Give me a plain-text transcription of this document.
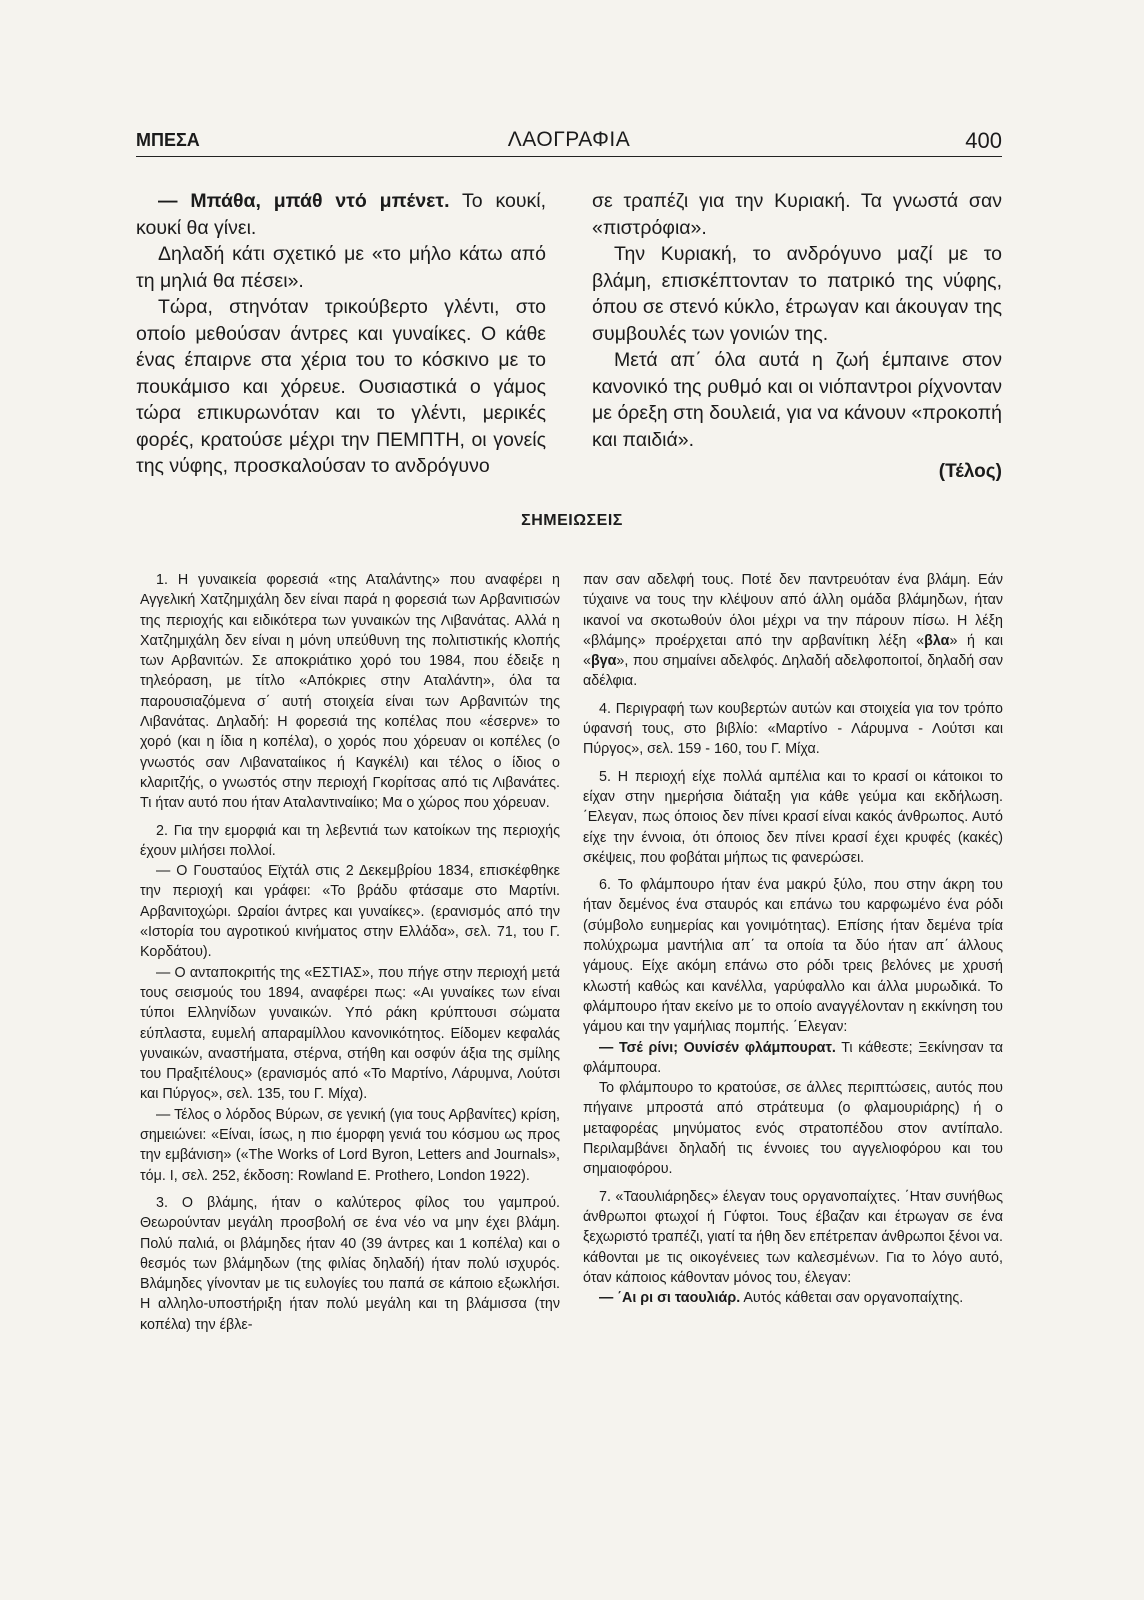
ΜΠΕΣΑ	ΛΑΟΓΡΑΦΙΑ	400

— Μπάθα, μπάθ ντό μπένετ. Το κουκί, κουκί θα γίνει.

Δηλαδή κάτι σχετικό με «το μήλο κάτω από τη μηλιά θα πέσει».

Τώρα, στηνόταν τρικούβερτο γλέντι, στο οποίο μεθούσαν άντρες και γυναίκες. Ο κάθε ένας έπαιρνε στα χέρια του το κόσκινο με το πουκάμισο και χόρευε. Ουσιαστικά ο γάμος τώρα επικυρωνόταν και το γλέντι, μερικές φορές, κρατούσε μέχρι την ΠΕΜΠΤΗ, οι γονείς της νύφης, προσκαλούσαν το ανδρόγυνο

σε τραπέζι για την Κυριακή. Τα γνωστά σαν «πιστρόφια».

Την Κυριακή, το ανδρόγυνο μαζί με το βλάμη, επισκέπτονταν το πατρικό της νύφης, όπου σε στενό κύκλο, έτρωγαν και άκουγαν της συμβουλές των γονιών της.

Μετά απ΄ όλα αυτά η ζωή έμπαινε στον κανονικό της ρυθμό και οι νιόπαντροι ρίχνονταν με όρεξη στη δουλειά, για να κάνουν «προκοπή και παιδιά».

(Τέλος)
ΣΗΜΕΙΩΣΕΙΣ

1. Η γυναικεία φορεσιά «της Αταλάντης» που αναφέρει η Αγγελική Χατζημιχάλη δεν είναι παρά η φορεσιά των Αρβανιτισών της περιοχής και ειδικότερα των γυναικών της Λιβανάτας. Αλλά η Χατζημιχάλη δεν είναι η μόνη υπεύθυνη της πολιτιστικής κλοπής των Αρβανιτών. Σε αποκριάτικο χορό του 1984, που έδειξε η τηλεόραση, με τίτλο «Απόκριες στην Αταλάντη», όλα τα παρουσιαζόμενα σ΄ αυτή στοιχεία είναι των Αρβανιτών της Λιβανάτας. Δηλαδή: Η φορεσιά της κοπέλας που «έσερνε» το χορό (και η ίδια η κοπέλα), ο χορός που χόρευαν οι κοπέλες (ο γνωστός σαν Λιβαναταίικος ή Καγκέλι) και τέλος ο ίδιος ο κλαριτζής, ο γνωστός στην περιοχή Γκορίτσας από τις Λιβανάτες. Τι ήταν αυτό που ήταν Αταλαντιναίικο; Μα ο χώρος που χόρευαν.

2. Για την εμορφιά και τη λεβεντιά των κατοίκων της περιοχής έχουν μιλήσει πολλοί.

— Ο Γουσταύος Εϊχτάλ στις 2 Δεκεμβρίου 1834, επισκέφθηκε την περιοχή και γράφει: «Το βράδυ φτάσαμε στο Μαρτίνι. Αρβανιτοχώρι. Ωραίοι άντρες και γυναίκες». (ερανισμός από την «Ιστορία του αγροτικού κινήματος στην Ελλάδα», σελ. 71, του Γ. Κορδάτου).

— Ο ανταποκριτής της «ΕΣΤΙΑΣ», που πήγε στην περιοχή μετά τους σεισμούς του 1894, αναφέρει πως: «Αι γυναίκες των είναι τύποι Ελληνίδων γυναικών. Υπό ράκη κρύπτουσι σώματα εύπλαστα, ευμελή απαραμίλλου κανονικότητος. Είδομεν κεφαλάς γυναικών, αναστήματα, στέρνα, στήθη και οσφύν άξια της σμίλης του Πραξιτέλους» (ερανισμός από «Το Μαρτίνο, Λάρυμνα, Λούτσι και Πύργος», σελ. 135, του Γ. Μίχα).

— Τέλος ο λόρδος Βύρων, σε γενική (για τους Αρβανίτες) κρίση, σημειώνει: «Είναι, ίσως, η πιο έμορφη γενιά του κόσμου ως προς την εμβάνιση» («The Works of Lord Byron, Letters and Journals», τόμ. I, σελ. 252, έκδοση: Rowland E. Prothero, London 1922).

3. Ο βλάμης, ήταν ο καλύτερος φίλος του γαμπρού. Θεωρούνταν μεγάλη προσβολή σε ένα νέο να μην έχει βλάμη. Πολύ παλιά, οι βλάμηδες ήταν 40 (39 άντρες και 1 κοπέλα) και ο θεσμός των βλάμηδων (της φιλίας δηλαδή) ήταν πολύ ισχυρός. Βλάμηδες γίνονταν με τις ευλογίες του παπά σε κάποιο εξωκλήσι. Η αλληλο-υποστήριξη ήταν πολύ μεγάλη και τη βλάμισσα (την κοπέλα) την έβλε-

παν σαν αδελφή τους. Ποτέ δεν παντρευόταν ένα βλάμη. Εάν τύχαινε να τους την κλέψουν από άλλη ομάδα βλάμηδων, ήταν ικανοί να σκοτωθούν όλοι μέχρι να την πάρουν πίσω. Η λέξη «βλάμης» προέρχεται από την αρβανίτικη λέξη «βλα» ή και «βγα», που σημαίνει αδελφός. Δηλαδή αδελφοποιτοί, δηλαδή σαν αδέλφια.

4. Περιγραφή των κουβερτών αυτών και στοιχεία για τον τρόπο ύφανσή τους, στο βιβλίο: «Μαρτίνο - Λάρυμνα - Λούτσι και Πύργος», σελ. 159 - 160, του Γ. Μίχα.

5. Η περιοχή είχε πολλά αμπέλια και το κρασί οι κάτοικοι το είχαν στην ημερήσια διάταξη για κάθε γεύμα και εκδήλωση. ΄Ελεγαν, πως όποιος δεν πίνει κρασί είναι κακός άνθρωπος. Αυτό είχε την έννοια, ότι όποιος δεν πίνει κρασί έχει κρυφές (κακές) σκέψεις, που φοβάται μήπως τις φανερώσει.

6. Το φλάμπουρο ήταν ένα μακρύ ξύλο, που στην άκρη του ήταν δεμένος ένα σταυρός και επάνω του καρφωμένο ένα ρόδι (σύμβολο ευημερίας και γονιμότητας). Επίσης ήταν δεμένα τρία πολύχρωμα μαντήλια απ΄ τα οποία τα δύο ήταν απ΄ άλλους γάμους. Είχε ακόμη επάνω στο ρόδι τρεις βελόνες με χρυσή κλωστή καθώς και κανέλλα, γαρύφαλλο και άλλα μυρωδικά. Το φλάμπουρο ήταν εκείνο με το οποίο αναγγέλονταν η εκκίνηση του γάμου και την γαμήλιας πομπής. ΄Ελεγαν:

— Τσέ ρίνι; Ουνίσέν φλάμπουρατ. Τι κάθεστε; Ξεκίνησαν τα φλάμπουρα.

Το φλάμπουρο το κρατούσε, σε άλλες περιπτώσεις, αυτός που πήγαινε μπροστά από στράτευμα (ο φλαμουριάρης) ή ο μεταφορέας μηνύματος ενός στρατοπέδου στον αντίπαλο. Περιλαμβάνει δηλαδή τις έννοιες του αγγελιοφόρου και του σημαιοφόρου.

7. «Ταουλιάρηδες» έλεγαν τους οργανοπαίχτες. ΄Ηταν συνήθως άνθρωποι φτωχοί ή Γύφτοι. Τους έβαζαν και έτρωγαν σε ένα ξεχωριστό τραπέζι, γιατί τα ήθη δεν επέτρεπαν άνθρωποι ξένοι να. κάθονται με τις οικογένειες των καλεσμένων. Για το λόγο αυτό, όταν κάποιος κάθονταν μόνος του, έλεγαν:

— ΄Αι ρι σι ταουλιάρ. Αυτός κάθεται σαν οργανοπαίχτης.
